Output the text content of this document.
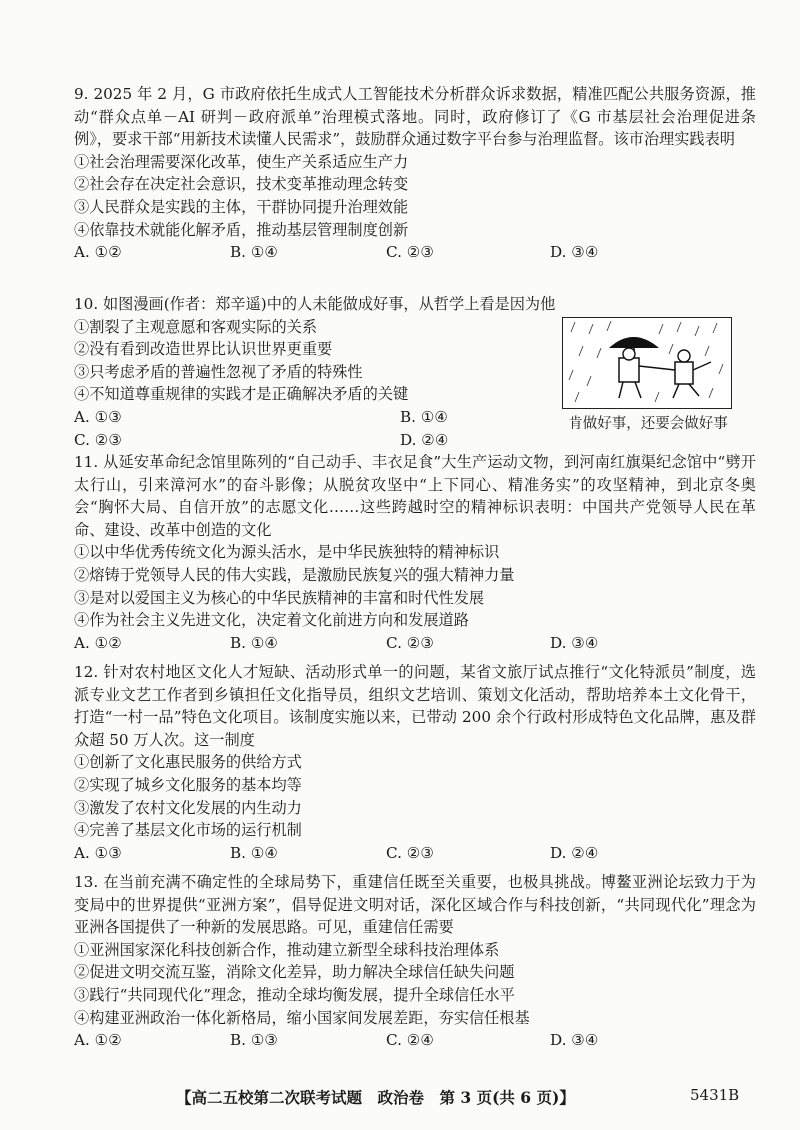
9. 2025 年 2 月，G 市政府依托生成式人工智能技术分析群众诉求数据，精准匹配公共服务资源，推动“群众点单－AI 研判－政府派单”治理模式落地。同时，政府修订了《G 市基层社会治理促进条例》，要求干部“用新技术读懂人民需求”，鼓励群众通过数字平台参与治理监督。该市治理实践表明

①社会治理需要深化改革，使生产关系适应生产力

②社会存在决定社会意识，技术变革推动理念转变

③人民群众是实践的主体，干群协同提升治理效能

④依靠技术就能化解矛盾，推动基层管理制度创新

A. ①②	B. ①④	C. ②③	D. ③④

10. 如图漫画(作者：郑辛遥)中的人未能做成好事，从哲学上看是因为他

①割裂了主观意愿和客观实际的关系

②没有看到改造世界比认识世界更重要

③只考虑矛盾的普遍性忽视了矛盾的特殊性

④不知道尊重规律的实践才是正确解决矛盾的关键

A. ①③	B. ①④
C. ②③	D. ②④
肯做好事，还要会做好事

11. 从延安革命纪念馆里陈列的“自己动手、丰衣足食”大生产运动文物，到河南红旗渠纪念馆中“劈开太行山，引来漳河水”的奋斗影像；从脱贫攻坚中“上下同心、精准务实”的攻坚精神，到北京冬奥会“胸怀大局、自信开放”的志愿文化……这些跨越时空的精神标识表明：中国共产党领导人民在革命、建设、改革中创造的文化

①以中华优秀传统文化为源头活水，是中华民族独特的精神标识

②熔铸于党领导人民的伟大实践，是激励民族复兴的强大精神力量

③是对以爱国主义为核心的中华民族精神的丰富和时代性发展

④作为社会主义先进文化，决定着文化前进方向和发展道路

A. ①②	B. ①④	C. ②③	D. ③④

12. 针对农村地区文化人才短缺、活动形式单一的问题，某省文旅厅试点推行“文化特派员”制度，选派专业文艺工作者到乡镇担任文化指导员，组织文艺培训、策划文化活动，帮助培养本土文化骨干，打造“一村一品”特色文化项目。该制度实施以来，已带动 200 余个行政村形成特色文化品牌，惠及群众超 50 万人次。这一制度

①创新了文化惠民服务的供给方式

②实现了城乡文化服务的基本均等

③激发了农村文化发展的内生动力

④完善了基层文化市场的运行机制

A. ①③	B. ①④	C. ②③	D. ②④

13. 在当前充满不确定性的全球局势下，重建信任既至关重要，也极具挑战。博鳌亚洲论坛致力于为变局中的世界提供“亚洲方案”，倡导促进文明对话，深化区域合作与科技创新，“共同现代化”理念为亚洲各国提供了一种新的发展思路。可见，重建信任需要

①亚洲国家深化科技创新合作，推动建立新型全球科技治理体系

②促进文明交流互鉴，消除文化差异，助力解决全球信任缺失问题

③践行“共同现代化”理念，推动全球均衡发展，提升全球信任水平

④构建亚洲政治一体化新格局，缩小国家间发展差距，夯实信任根基

A. ①②	B. ①③	C. ②④	D. ③④
【高二五校第二次联考试题　政治卷　第 3 页(共 6 页)】	5431B
